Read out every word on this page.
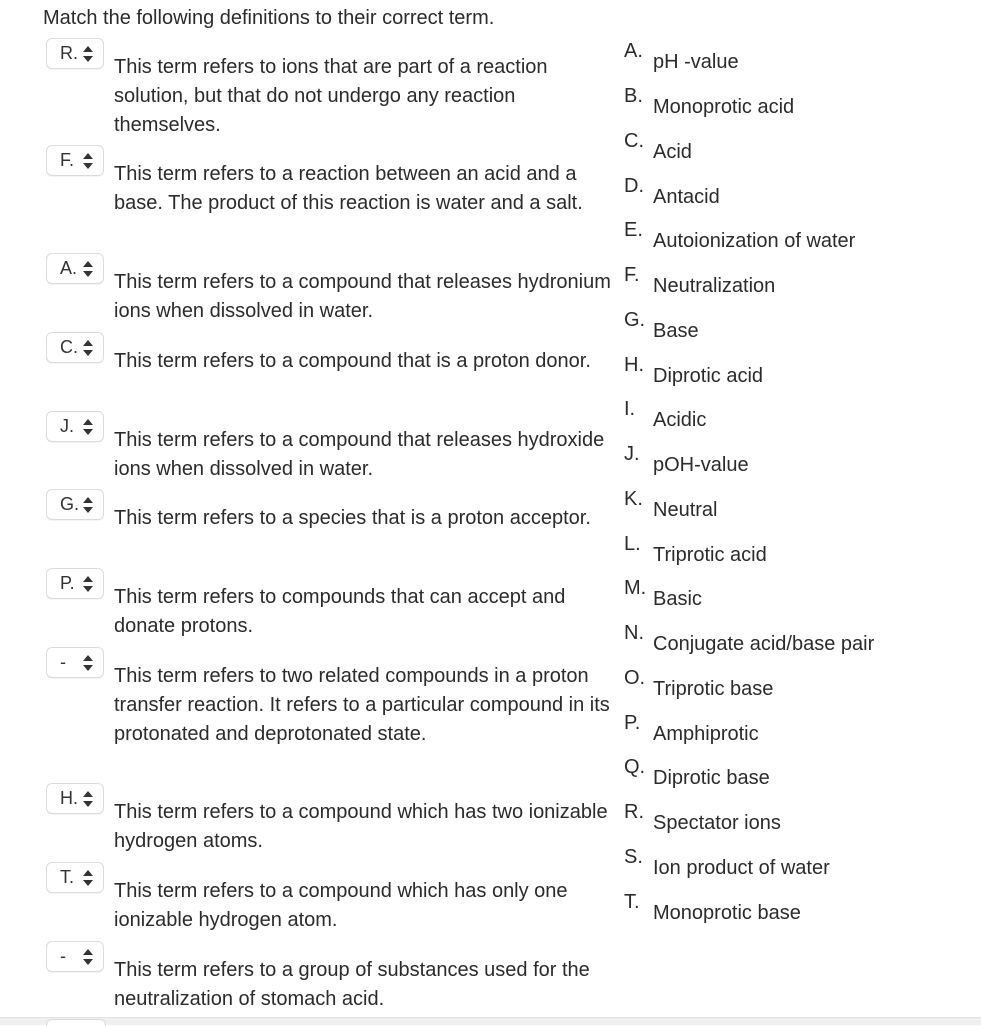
Match the following definitions to their correct term.
R.
This term refers to ions that are part of a reaction solution, but that do not undergo any reaction themselves.
F.
This term refers to a reaction between an acid and a base. The product of this reaction is water and a salt.
A.
This term refers to a compound that releases hydronium ions when dissolved in water.
C.
This term refers to a compound that is a proton donor.
J.
This term refers to a compound that releases hydroxide ions when dissolved in water.
G.
This term refers to a species that is a proton acceptor.
P.
This term refers to compounds that can accept and donate protons.
-
This term refers to two related compounds in a proton transfer reaction. It refers to a particular compound in its protonated and deprotonated state.
H.
This term refers to a compound which has two ionizable hydrogen atoms.
T.
This term refers to a compound which has only one ionizable hydrogen atom.
-
This term refers to a group of substances used for the neutralization of stomach acid.
A. pH -value
B. Monoprotic acid
C. Acid
D. Antacid
E. Autoionization of water
F. Neutralization
G. Base
H. Diprotic acid
I. Acidic
J. pOH-value
K. Neutral
L. Triprotic acid
M. Basic
N. Conjugate acid/base pair
O. Triprotic base
P. Amphiprotic
Q. Diprotic base
R. Spectator ions
S. Ion product of water
T. Monoprotic base
